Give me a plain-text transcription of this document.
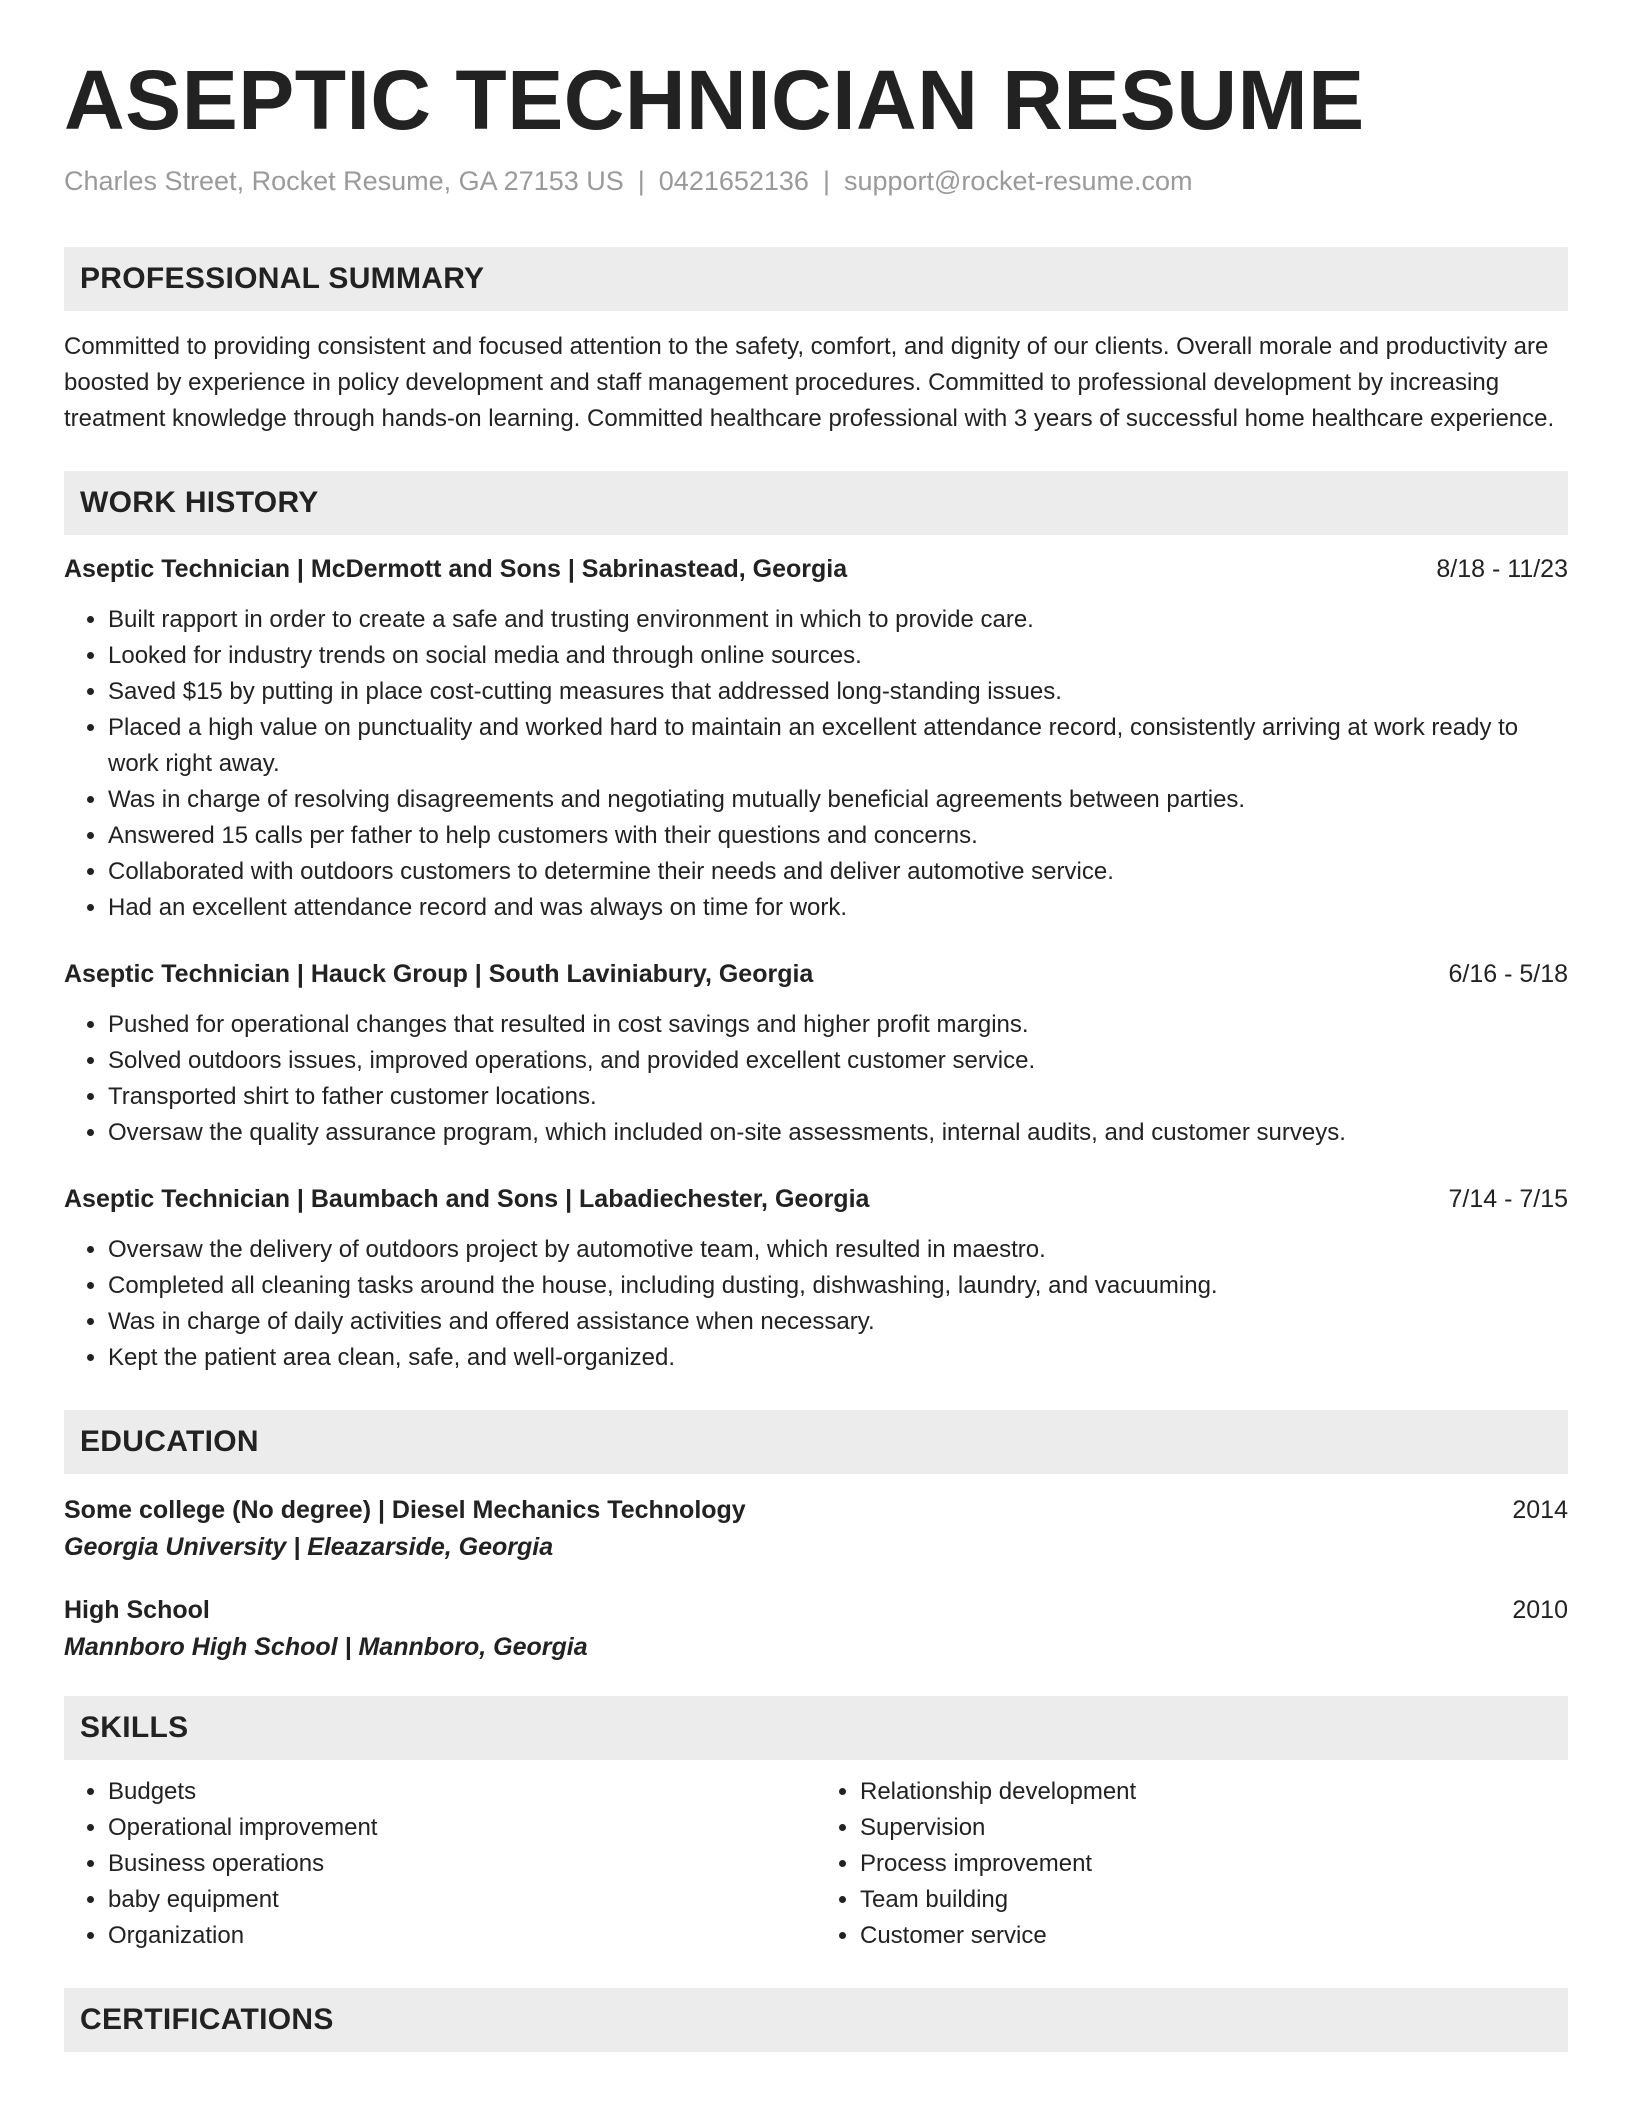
ASEPTIC TECHNICIAN RESUME
Charles Street, Rocket Resume, GA 27153 US | 0421652136 | support@rocket-resume.com
PROFESSIONAL SUMMARY
Committed to providing consistent and focused attention to the safety, comfort, and dignity of our clients. Overall morale and productivity are boosted by experience in policy development and staff management procedures. Committed to professional development by increasing treatment knowledge through hands-on learning. Committed healthcare professional with 3 years of successful home healthcare experience.
WORK HISTORY
Aseptic Technician | McDermott and Sons | Sabrinastead, Georgia	8/18 - 11/23
• Built rapport in order to create a safe and trusting environment in which to provide care.
• Looked for industry trends on social media and through online sources.
• Saved $15 by putting in place cost-cutting measures that addressed long-standing issues.
• Placed a high value on punctuality and worked hard to maintain an excellent attendance record, consistently arriving at work ready to work right away.
• Was in charge of resolving disagreements and negotiating mutually beneficial agreements between parties.
• Answered 15 calls per father to help customers with their questions and concerns.
• Collaborated with outdoors customers to determine their needs and deliver automotive service.
• Had an excellent attendance record and was always on time for work.
Aseptic Technician | Hauck Group | South Laviniabury, Georgia	6/16 - 5/18
• Pushed for operational changes that resulted in cost savings and higher profit margins.
• Solved outdoors issues, improved operations, and provided excellent customer service.
• Transported shirt to father customer locations.
• Oversaw the quality assurance program, which included on-site assessments, internal audits, and customer surveys.
Aseptic Technician | Baumbach and Sons | Labadiechester, Georgia	7/14 - 7/15
• Oversaw the delivery of outdoors project by automotive team, which resulted in maestro.
• Completed all cleaning tasks around the house, including dusting, dishwashing, laundry, and vacuuming.
• Was in charge of daily activities and offered assistance when necessary.
• Kept the patient area clean, safe, and well-organized.
EDUCATION
Some college (No degree) | Diesel Mechanics Technology	2014
Georgia University | Eleazarside, Georgia
High School	2010
Mannboro High School | Mannboro, Georgia
SKILLS
• Budgets
• Operational improvement
• Business operations
• baby equipment
• Organization
• Relationship development
• Supervision
• Process improvement
• Team building
• Customer service
CERTIFICATIONS
